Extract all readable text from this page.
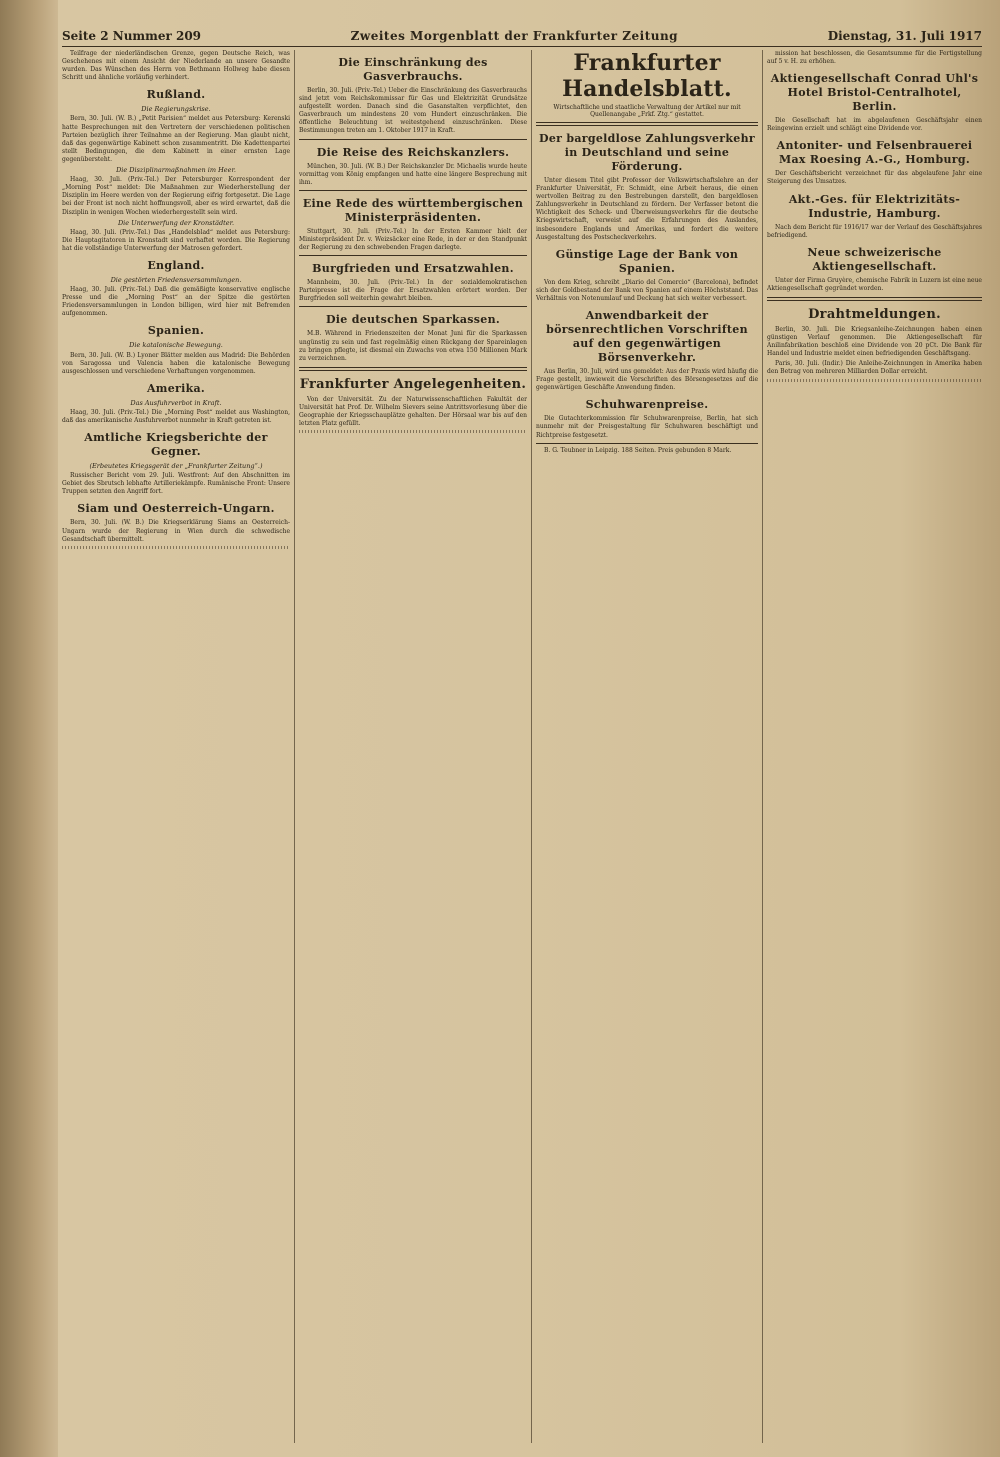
Seite 2 Nummer 209	Zweites Morgenblatt der Frankfurter Zeitung	Dienstag, 31. Juli 1917

Teilfrage der niederländischen Grenze, gegen Deutsche Reich, was Geschehenes mit einem Ansicht der Niederlande an unsere Gesandte wurden. Das Wünschen des Herrn von Bethmann Hollweg habe diesen Schritt und ähnliche vorläufig verhindert.

Rußland.
Die Regierungskrise.

Bern, 30. Juli. (W. B.) „Petit Parisien“ meldet aus Petersburg: Kerenski hatte Besprechungen mit den Vertretern der verschiedenen politischen Parteien bezüglich ihrer Teilnahme an der Regierung. Man glaubt nicht, daß das gegenwärtige Kabinett schon zusammentritt. Die Kadettenpartei stellt Bedingungen, die dem Kabinett in einer ernsten Lage gegenübersteht.

Die Disziplinarmaßnahmen im Heer.

Haag, 30. Juli. (Priv.-Tel.) Der Petersburger Korrespondent der „Morning Post“ meldet: Die Maßnahmen zur Wiederherstellung der Disziplin im Heere werden von der Regierung eifrig fortgesetzt. Die Lage bei der Front ist noch nicht hoffnungsvoll, aber es wird erwartet, daß die Disziplin in wenigen Wochen wiederhergestellt sein wird.

Die Unterwerfung der Kronstädter.

Haag, 30. Juli. (Priv.-Tel.) Das „Handelsblad“ meldet aus Petersburg: Die Hauptagitatoren in Kronstadt sind verhaftet worden. Die Regierung hat die vollständige Unterwerfung der Matrosen gefordert.

England.
Die gestörten Friedensversammlungen.

Haag, 30. Juli. (Priv.-Tel.) Daß die gemäßigte konservative englische Presse und die „Morning Post“ an der Spitze die gestörten Friedensversammlungen in London billigen, wird hier mit Befremden aufgenommen.

Spanien.
Die katalonische Bewegung.

Bern, 30. Juli. (W. B.) Lyoner Blätter melden aus Madrid: Die Behörden von Saragossa und Valencia haben die katalonische Bewegung ausgeschlossen und verschiedene Verhaftungen vorgenommen.

Amerika.
Das Ausfuhrverbot in Kraft.

Haag, 30. Juli. (Priv.-Tel.) Die „Morning Post“ meldet aus Washington, daß das amerikanische Ausfuhrverbot nunmehr in Kraft getreten ist.

Amtliche Kriegsberichte der Gegner.
(Erbeutetes Kriegsgerät der „Frankfurter Zeitung“.)

Russischer Bericht vom 29. Juli. Westfront: Auf den Abschnitten im Gebiet des Sbrutsch lebhafte Artilleriekämpfe. Rumänische Front: Unsere Truppen setzten den Angriff fort.

Siam und Oesterreich-Ungarn.

Bern, 30. Juli. (W. B.) Die Kriegserklärung Siams an Oesterreich-Ungarn wurde der Regierung in Wien durch die schwedische Gesandtschaft übermittelt.

Die Einschränkung des Gasverbrauchs.

Berlin, 30. Juli. (Priv.-Tel.) Ueber die Einschränkung des Gasverbrauchs sind jetzt vom Reichskommissar für Gas und Elektrizität Grundsätze aufgestellt worden. Danach sind die Gasanstalten verpflichtet, den Gasverbrauch um mindestens 20 vom Hundert einzuschränken. Die öffentliche Beleuchtung ist weitestgehend einzuschränken. Diese Bestimmungen treten am 1. Oktober 1917 in Kraft.

Die Reise des Reichskanzlers.

München, 30. Juli. (W. B.) Der Reichskanzler Dr. Michaelis wurde heute vormittag vom König empfangen und hatte eine längere Besprechung mit ihm.

Eine Rede des württembergischen Ministerpräsidenten.

Stuttgart, 30. Juli. (Priv.-Tel.) In der Ersten Kammer hielt der Ministerpräsident Dr. v. Weizsäcker eine Rede, in der er den Standpunkt der Regierung zu den schwebenden Fragen darlegte.

Burgfrieden und Ersatzwahlen.

Mannheim, 30. Juli. (Priv.-Tel.) In der sozialdemokratischen Parteipresse ist die Frage der Ersatzwahlen erörtert worden. Der Burgfrieden soll weiterhin gewahrt bleiben.

Die deutschen Sparkassen.

M.B. Während in Friedenszeiten der Monat Juni für die Sparkassen ungünstig zu sein und fast regelmäßig einen Rückgang der Spareinlagen zu bringen pflegte, ist diesmal ein Zuwachs von etwa 150 Millionen Mark zu verzeichnen.

Frankfurter Angelegenheiten.

Von der Universität. Zu der Naturwissenschaftlichen Fakultät der Universität hat Prof. Dr. Wilhelm Sievers seine Antrittsvorlesung über die Geographie der Kriegsschauplätze gehalten. Der Hörsaal war bis auf den letzten Platz gefüllt.

Frankfurter Handelsblatt.
Wirtschaftliche und staatliche Verwaltung der Artikel nur mit Quellenangabe „Frkf. Ztg.“ gestattet.
Der bargeldlose Zahlungsverkehr in Deutschland und seine Förderung.

Unter diesem Titel gibt Professor der Volkswirtschaftslehre an der Frankfurter Universität, Fr. Schmidt, eine Arbeit heraus, die einen wertvollen Beitrag zu den Bestrebungen darstellt, den bargeldlosen Zahlungsverkehr in Deutschland zu fördern. Der Verfasser betont die Wichtigkeit des Scheck- und Überweisungsverkehrs für die deutsche Kriegswirtschaft, verweist auf die Erfahrungen des Auslandes, insbesondere Englands und Amerikas, und fordert die weitere Ausgestaltung des Postscheckverkehrs.

Günstige Lage der Bank von Spanien.

Von dem Krieg, schreibt „Diario del Comercio“ (Barcelona), befindet sich der Goldbestand der Bank von Spanien auf einem Höchststand. Das Verhältnis von Notenumlauf und Deckung hat sich weiter verbessert.

Anwendbarkeit der börsenrechtlichen Vorschriften auf den gegenwärtigen Börsenverkehr.

Aus Berlin, 30. Juli, wird uns gemeldet: Aus der Praxis wird häufig die Frage gestellt, inwieweit die Vorschriften des Börsengesetzes auf die gegenwärtigen Geschäfte Anwendung finden.

Schuhwarenpreise.

Die Gutachterkommission für Schuhwarenpreise, Berlin, hat sich nunmehr mit der Preisgestaltung für Schuhwaren beschäftigt und Richtpreise festgesetzt.

B. G. Teubner in Leipzig. 188 Seiten. Preis gebunden 8 Mark.

mission hat beschlossen, die Gesamtsumme für die Fertigstellung auf 5 v. H. zu erhöhen.

Aktiengesellschaft Conrad Uhl's Hotel Bristol-Centralhotel, Berlin.

Die Gesellschaft hat im abgelaufenen Geschäftsjahr einen Reingewinn erzielt und schlägt eine Dividende vor.

Antoniter- und Felsenbrauerei Max Roesing A.-G., Homburg.

Der Geschäftsbericht verzeichnet für das abgelaufene Jahr eine Steigerung des Umsatzes.

Akt.-Ges. für Elektrizitäts-Industrie, Hamburg.

Nach dem Bericht für 1916/17 war der Verlauf des Geschäftsjahres befriedigend.

Neue schweizerische Aktiengesellschaft.

Unter der Firma Gruyère, chemische Fabrik in Luzern ist eine neue Aktiengesellschaft gegründet worden.

Drahtmeldungen.

Berlin, 30. Juli. Die Kriegsanleihe-Zeichnungen haben einen günstigen Verlauf genommen. Die Aktiengesellschaft für Anilinfabrikation beschloß eine Dividende von 20 pCt. Die Bank für Handel und Industrie meldet einen befriedigenden Geschäftsgang.

Paris, 30. Juli. (Indir.) Die Anleihe-Zeichnungen in Amerika haben den Betrag von mehreren Milliarden Dollar erreicht.
